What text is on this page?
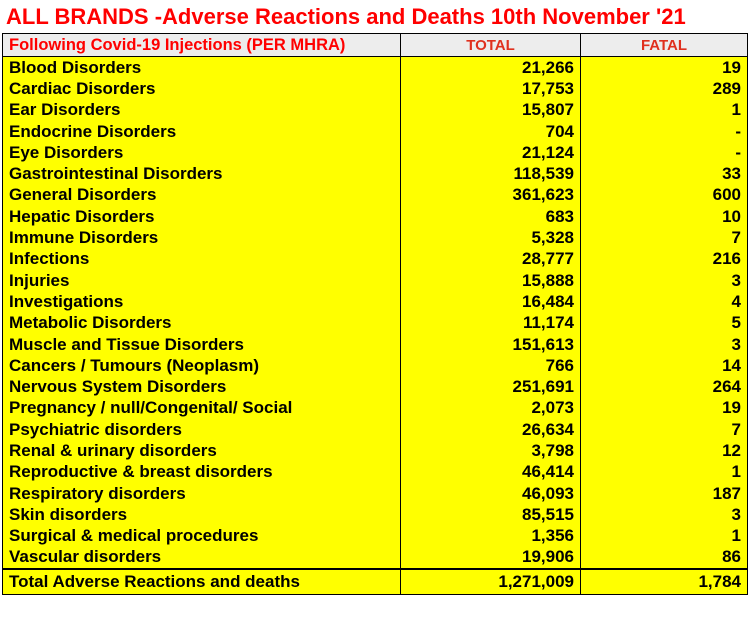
ALL BRANDS -Adverse Reactions and Deaths 10th November '21
Following Covid-19 Injections (PER MHRA)	TOTAL	FATAL
Blood Disorders	21,266	19
Cardiac Disorders	17,753	289
Ear Disorders	15,807	1
Endocrine Disorders	704	-
Eye Disorders	21,124	-
Gastrointestinal Disorders	118,539	33
General Disorders	361,623	600
Hepatic Disorders	683	10
Immune Disorders	5,328	7
Infections	28,777	216
Injuries	15,888	3
Investigations	16,484	4
Metabolic Disorders	11,174	5
Muscle and Tissue Disorders	151,613	3
Cancers / Tumours (Neoplasm)	766	14
Nervous System Disorders	251,691	264
Pregnancy / null/Congenital/ Social	2,073	19
Psychiatric disorders	26,634	7
Renal & urinary disorders	3,798	12
Reproductive & breast disorders	46,414	1
Respiratory disorders	46,093	187
Skin disorders	85,515	3
Surgical & medical procedures	1,356	1
Vascular disorders	19,906	86
Total Adverse Reactions and deaths	1,271,009	1,784
